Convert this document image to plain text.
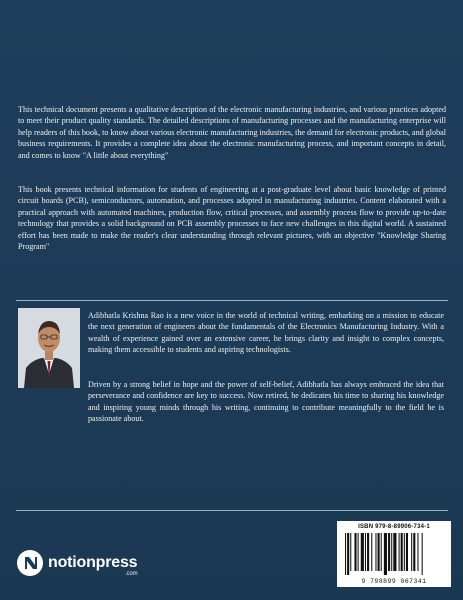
This technical document presents a qualitative description of the electronic manufacturing industries, and various practices adopted to meet their product quality standards. The detailed descriptions of manufacturing processes and the manufacturing enterprise will help readers of this book, to know about various electronic manufacturing industries, the demand for electronic products, and global business requirements. It provides a complete idea about the electronic manufacturing process, and important concepts in detail, and comes to know "A little about everything"

This book presents technical information for students of engineering at a post-graduate level about basic knowledge of printed circuit boards (PCB), semiconductors, automation, and processes adopted in manufacturing industries. Content elaborated with a practical approach with automated machines, production flow, critical processes, and assembly process flow to provide up-to-date technology that provides a solid background on PCB assembly processes to face new challenges in this digital world. A sustained effort has been made to make the reader's clear understanding through relevant pictures, with an objective "Knowledge Sharing Program"

Adibhatla Krishna Rao is a new voice in the world of technical writing, embarking on a mission to educate the next generation of engineers about the fundamentals of the Electronics Manufacturing Industry. With a wealth of experience gained over an extensive career, he brings clarity and insight to complex concepts, making them accessible to students and aspiring technologists.

Driven by a strong belief in hope and the power of self-belief, Adibhatla has always embraced the idea that perseverance and confidence are key to success. Now retired, he dedicates his time to sharing his knowledge and inspiring young minds through his writing, continuing to contribute meaningfully to the field he is passionate about.

notionpress
.com
ISBN 979-8-89906-734-1
9 798899 067341
